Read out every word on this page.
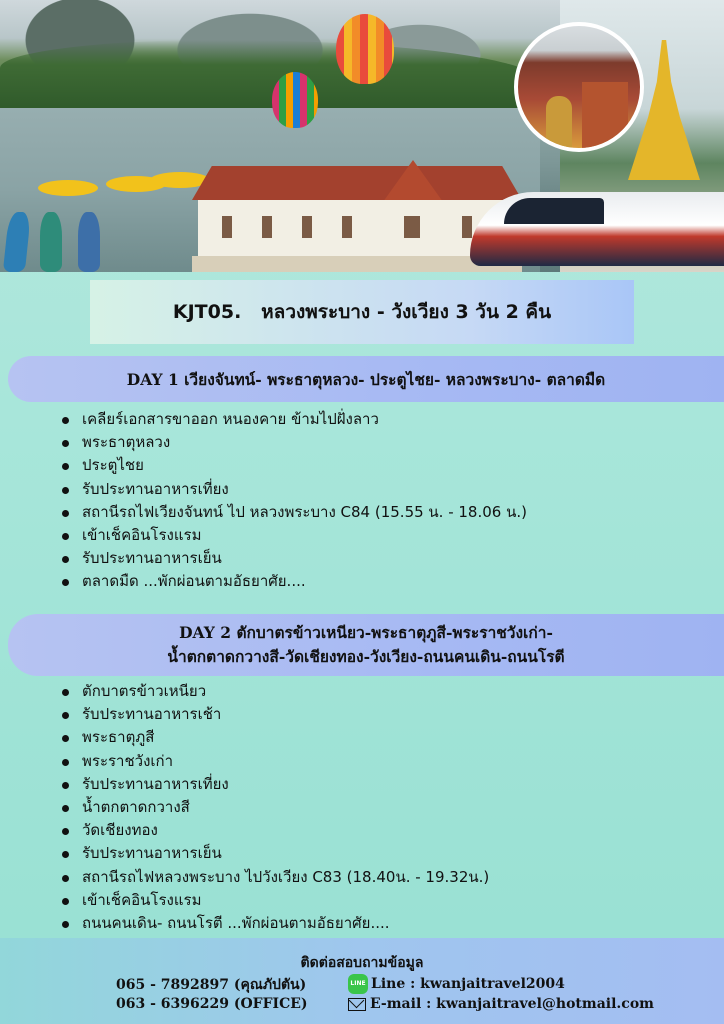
KJT05.
หลวงพระบาง - วังเวียง 3 วัน 2 คืน
DAY 1 เวียงจันทน์- พระธาตุหลวง- ประตูไชย- หลวงพระบาง- ตลาดมืด
เคลียร์เอกสารขาออก หนองคาย ข้ามไปฝั่งลาว
พระธาตุหลวง
ประตูไชย
รับประทานอาหารเที่ยง
สถานีรถไฟเวียงจันทน์ ไป หลวงพระบาง C84 (15.55 น. - 18.06 น.)
เข้าเช็คอินโรงแรม
รับประทานอาหารเย็น
ตลาดมืด ...พักผ่อนตามอัธยาศัย....
DAY 2 ตักบาตรข้าวเหนียว-พระธาตุภูสี-พระราชวังเก่า-
น้ำตกตาดกวางสี-วัดเชียงทอง-วังเวียง-ถนนคนเดิน-ถนนโรตี
ตักบาตรข้าวเหนียว
รับประทานอาหารเช้า
พระธาตุภูสี
พระราชวังเก่า
รับประทานอาหารเที่ยง
น้ำตกตาดกวางสี
วัดเชียงทอง
รับประทานอาหารเย็น
สถานีรถไฟหลวงพระบาง ไปวังเวียง C83 (18.40น. - 19.32น.)
เข้าเช็คอินโรงแรม
ถนนคนเดิน- ถนนโรตี ...พักผ่อนตามอัธยาศัย....
ติดต่อสอบถามข้อมูล
065 - 7892897 (คุณภัปตัน)
063 - 6396229 (OFFICE)
LINE Line : kwanjaitravel2004
E-mail : kwanjaitravel@hotmail.com
